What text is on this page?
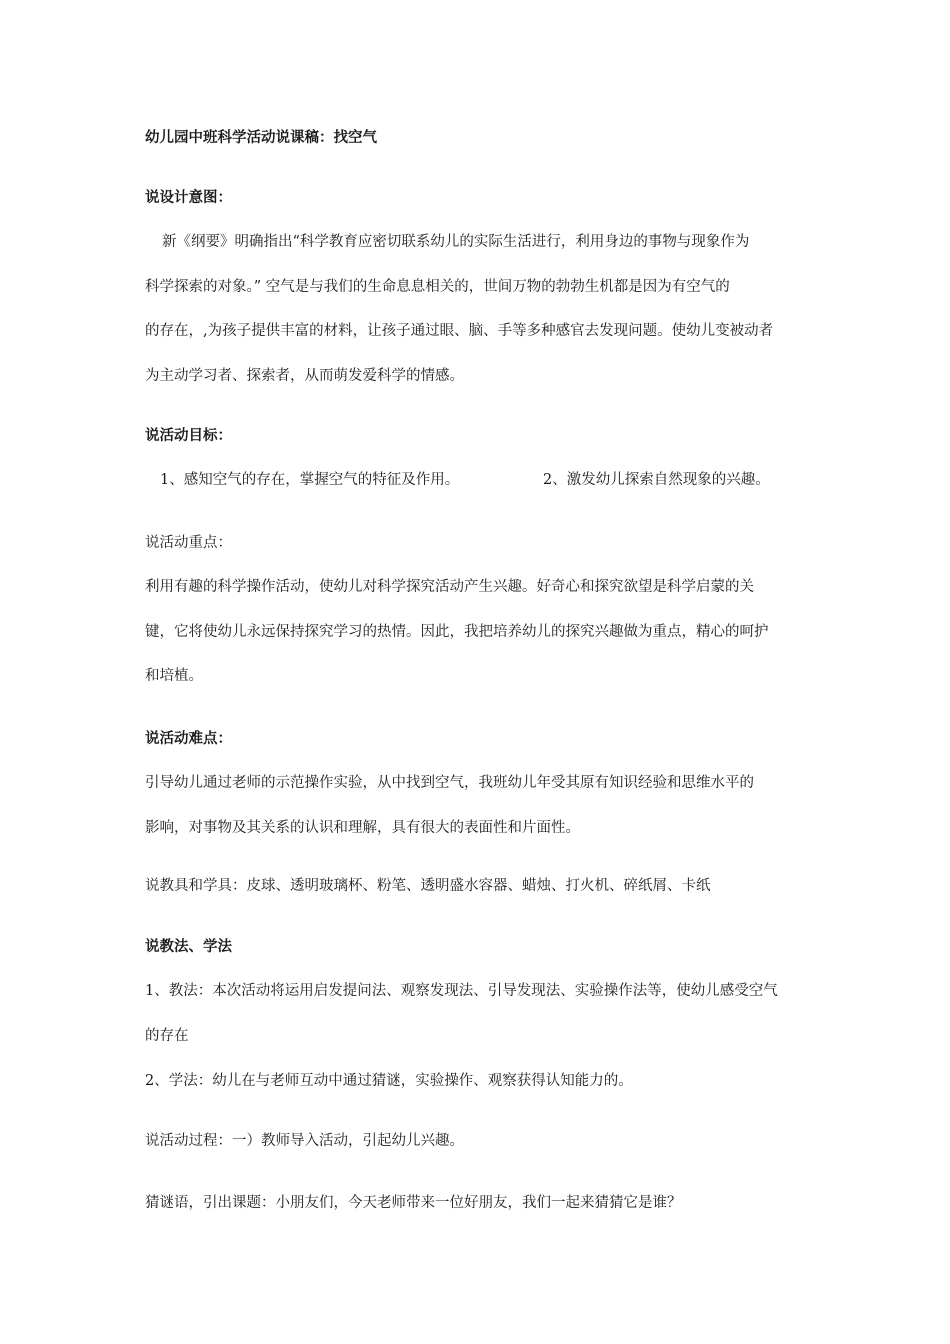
幼儿园中班科学活动说课稿：找空气
说设计意图：
新《纲要》明确指出“科学教育应密切联系幼儿的实际生活进行，利用身边的事物与现象作为
科学探索的对象。” 空气是与我们的生命息息相关的，世间万物的勃勃生机都是因为有空气的
的存在，,为孩子提供丰富的材料，让孩子通过眼、脑、手等多种感官去发现问题。使幼儿变被动者
为主动学习者、探索者，从而萌发爱科学的情感。
说活动目标：
1、感知空气的存在，掌握空气的特征及作用。	2、激发幼儿探索自然现象的兴趣。
说活动重点：
利用有趣的科学操作活动，使幼儿对科学探究活动产生兴趣。好奇心和探究欲望是科学启蒙的关
键，它将使幼儿永远保持探究学习的热情。因此，我把培养幼儿的探究兴趣做为重点，精心的呵护
和培植。
说活动难点：
引导幼儿通过老师的示范操作实验，从中找到空气，我班幼儿年受其原有知识经验和思维水平的
影响，对事物及其关系的认识和理解，具有很大的表面性和片面性。
说教具和学具：皮球、透明玻璃杯、粉笔、透明盛水容器、蜡烛、打火机、碎纸屑、卡纸
说教法、学法
1、教法：本次活动将运用启发提问法、观察发现法、引导发现法、实验操作法等，使幼儿感受空气
的存在
2、学法：幼儿在与老师互动中通过猜谜，实验操作、观察获得认知能力的。
说活动过程：一）教师导入活动，引起幼儿兴趣。
猜谜语，引出课题：小朋友们，今天老师带来一位好朋友，我们一起来猜猜它是谁？
